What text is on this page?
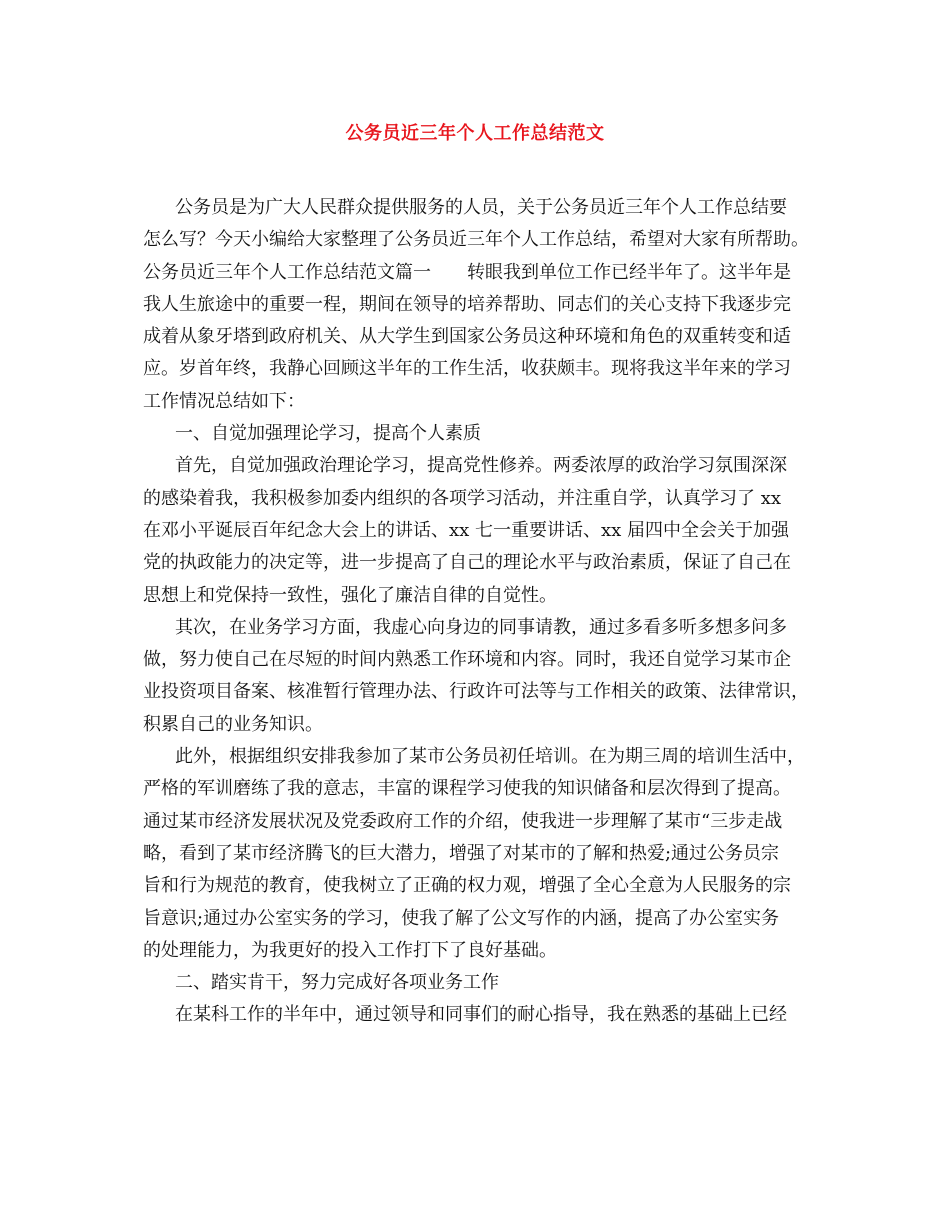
公务员近三年个人工作总结范文
公务员是为广大人民群众提供服务的人员，关于公务员近三年个人工作总结要
怎么写？今天小编给大家整理了公务员近三年个人工作总结，希望对大家有所帮助。
公务员近三年个人工作总结范文篇一　　转眼我到单位工作已经半年了。这半年是
我人生旅途中的重要一程，期间在领导的培养帮助、同志们的关心支持下我逐步完
成着从象牙塔到政府机关、从大学生到国家公务员这种环境和角色的双重转变和适
应。岁首年终，我静心回顾这半年的工作生活，收获颇丰。现将我这半年来的学习
工作情况总结如下：
一、自觉加强理论学习，提高个人素质
首先，自觉加强政治理论学习，提高党性修养。两委浓厚的政治学习氛围深深
的感染着我，我积极参加委内组织的各项学习活动，并注重自学，认真学习了 xx
在邓小平诞辰百年纪念大会上的讲话、xx 七一重要讲话、xx 届四中全会关于加强
党的执政能力的决定等，进一步提高了自己的理论水平与政治素质，保证了自己在
思想上和党保持一致性，强化了廉洁自律的自觉性。
其次，在业务学习方面，我虚心向身边的同事请教，通过多看多听多想多问多
做，努力使自己在尽短的时间内熟悉工作环境和内容。同时，我还自觉学习某市企
业投资项目备案、核准暂行管理办法、行政许可法等与工作相关的政策、法律常识，
积累自己的业务知识。
此外，根据组织安排我参加了某市公务员初任培训。在为期三周的培训生活中，
严格的军训磨练了我的意志，丰富的课程学习使我的知识储备和层次得到了提高。
通过某市经济发展状况及党委政府工作的介绍，使我进一步理解了某市“三步走战
略，看到了某市经济腾飞的巨大潜力，增强了对某市的了解和热爱;通过公务员宗
旨和行为规范的教育，使我树立了正确的权力观，增强了全心全意为人民服务的宗
旨意识;通过办公室实务的学习，使我了解了公文写作的内涵，提高了办公室实务
的处理能力，为我更好的投入工作打下了良好基础。
二、踏实肯干，努力完成好各项业务工作
在某科工作的半年中，通过领导和同事们的耐心指导，我在熟悉的基础上已经
